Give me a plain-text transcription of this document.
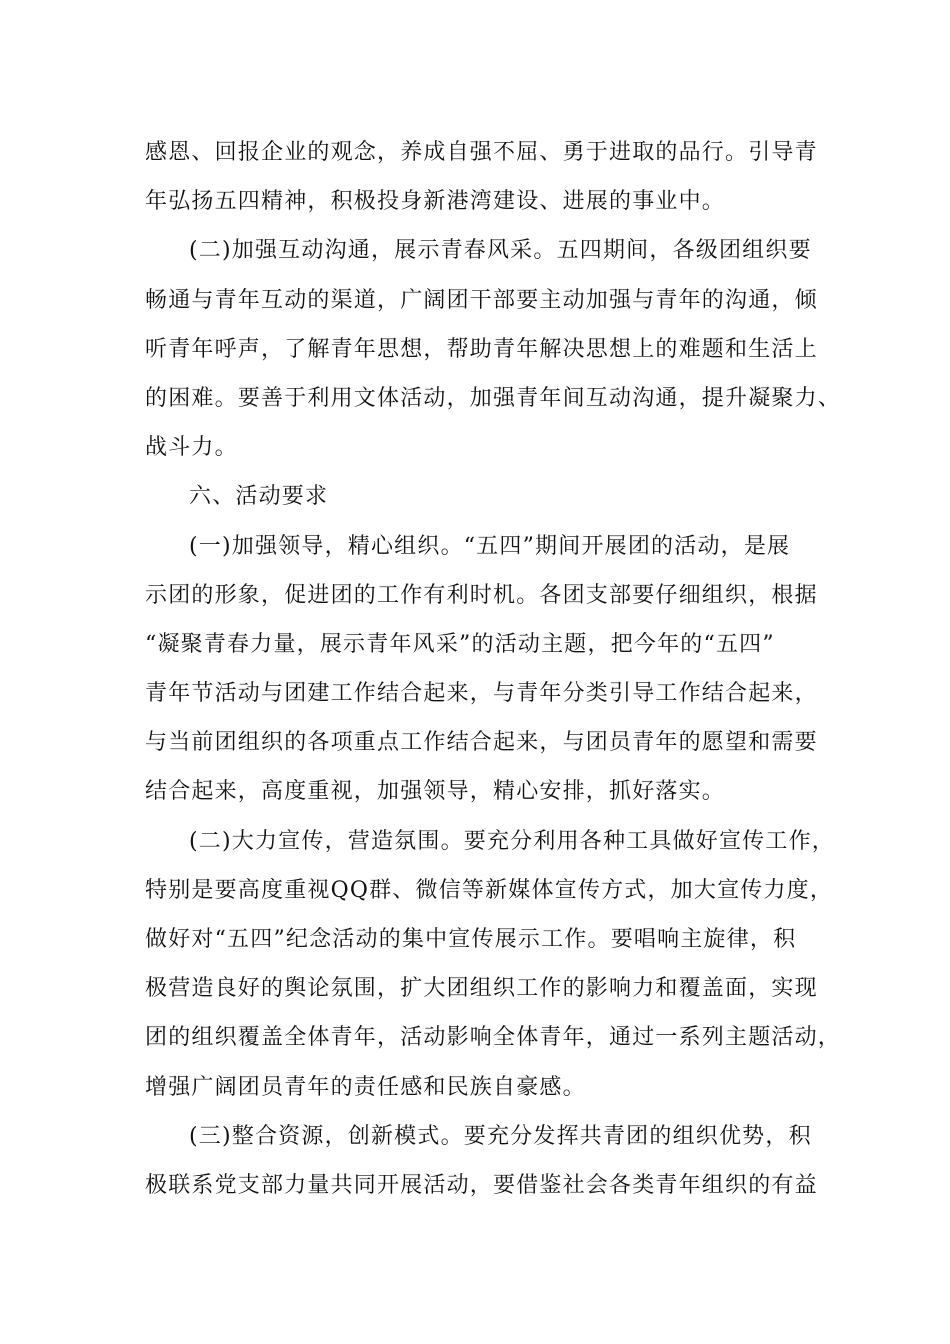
感恩、回报企业的观念，养成自强不屈、勇于进取的品行。引导青
年弘扬五四精神，积极投身新港湾建设、进展的事业中。
(二)加强互动沟通，展示青春风采。五四期间，各级团组织要
畅通与青年互动的渠道，广阔团干部要主动加强与青年的沟通，倾
听青年呼声，了解青年思想，帮助青年解决思想上的难题和生活上
的困难。要善于利用文体活动，加强青年间互动沟通，提升凝聚力、
战斗力。
六、活动要求
(一)加强领导，精心组织。“五四”期间开展团的活动，是展
示团的形象，促进团的工作有利时机。各团支部要仔细组织，根据
“凝聚青春力量，展示青年风采”的活动主题，把今年的“五四”
青年节活动与团建工作结合起来，与青年分类引导工作结合起来，
与当前团组织的各项重点工作结合起来，与团员青年的愿望和需要
结合起来，高度重视，加强领导，精心安排，抓好落实。
(二)大力宣传，营造氛围。要充分利用各种工具做好宣传工作，
特别是要高度重视QQ群、微信等新媒体宣传方式，加大宣传力度，
做好对“五四”纪念活动的集中宣传展示工作。要唱响主旋律，积
极营造良好的舆论氛围，扩大团组织工作的影响力和覆盖面，实现
团的组织覆盖全体青年，活动影响全体青年，通过一系列主题活动，
增强广阔团员青年的责任感和民族自豪感。
(三)整合资源，创新模式。要充分发挥共青团的组织优势，积
极联系党支部力量共同开展活动，要借鉴社会各类青年组织的有益
